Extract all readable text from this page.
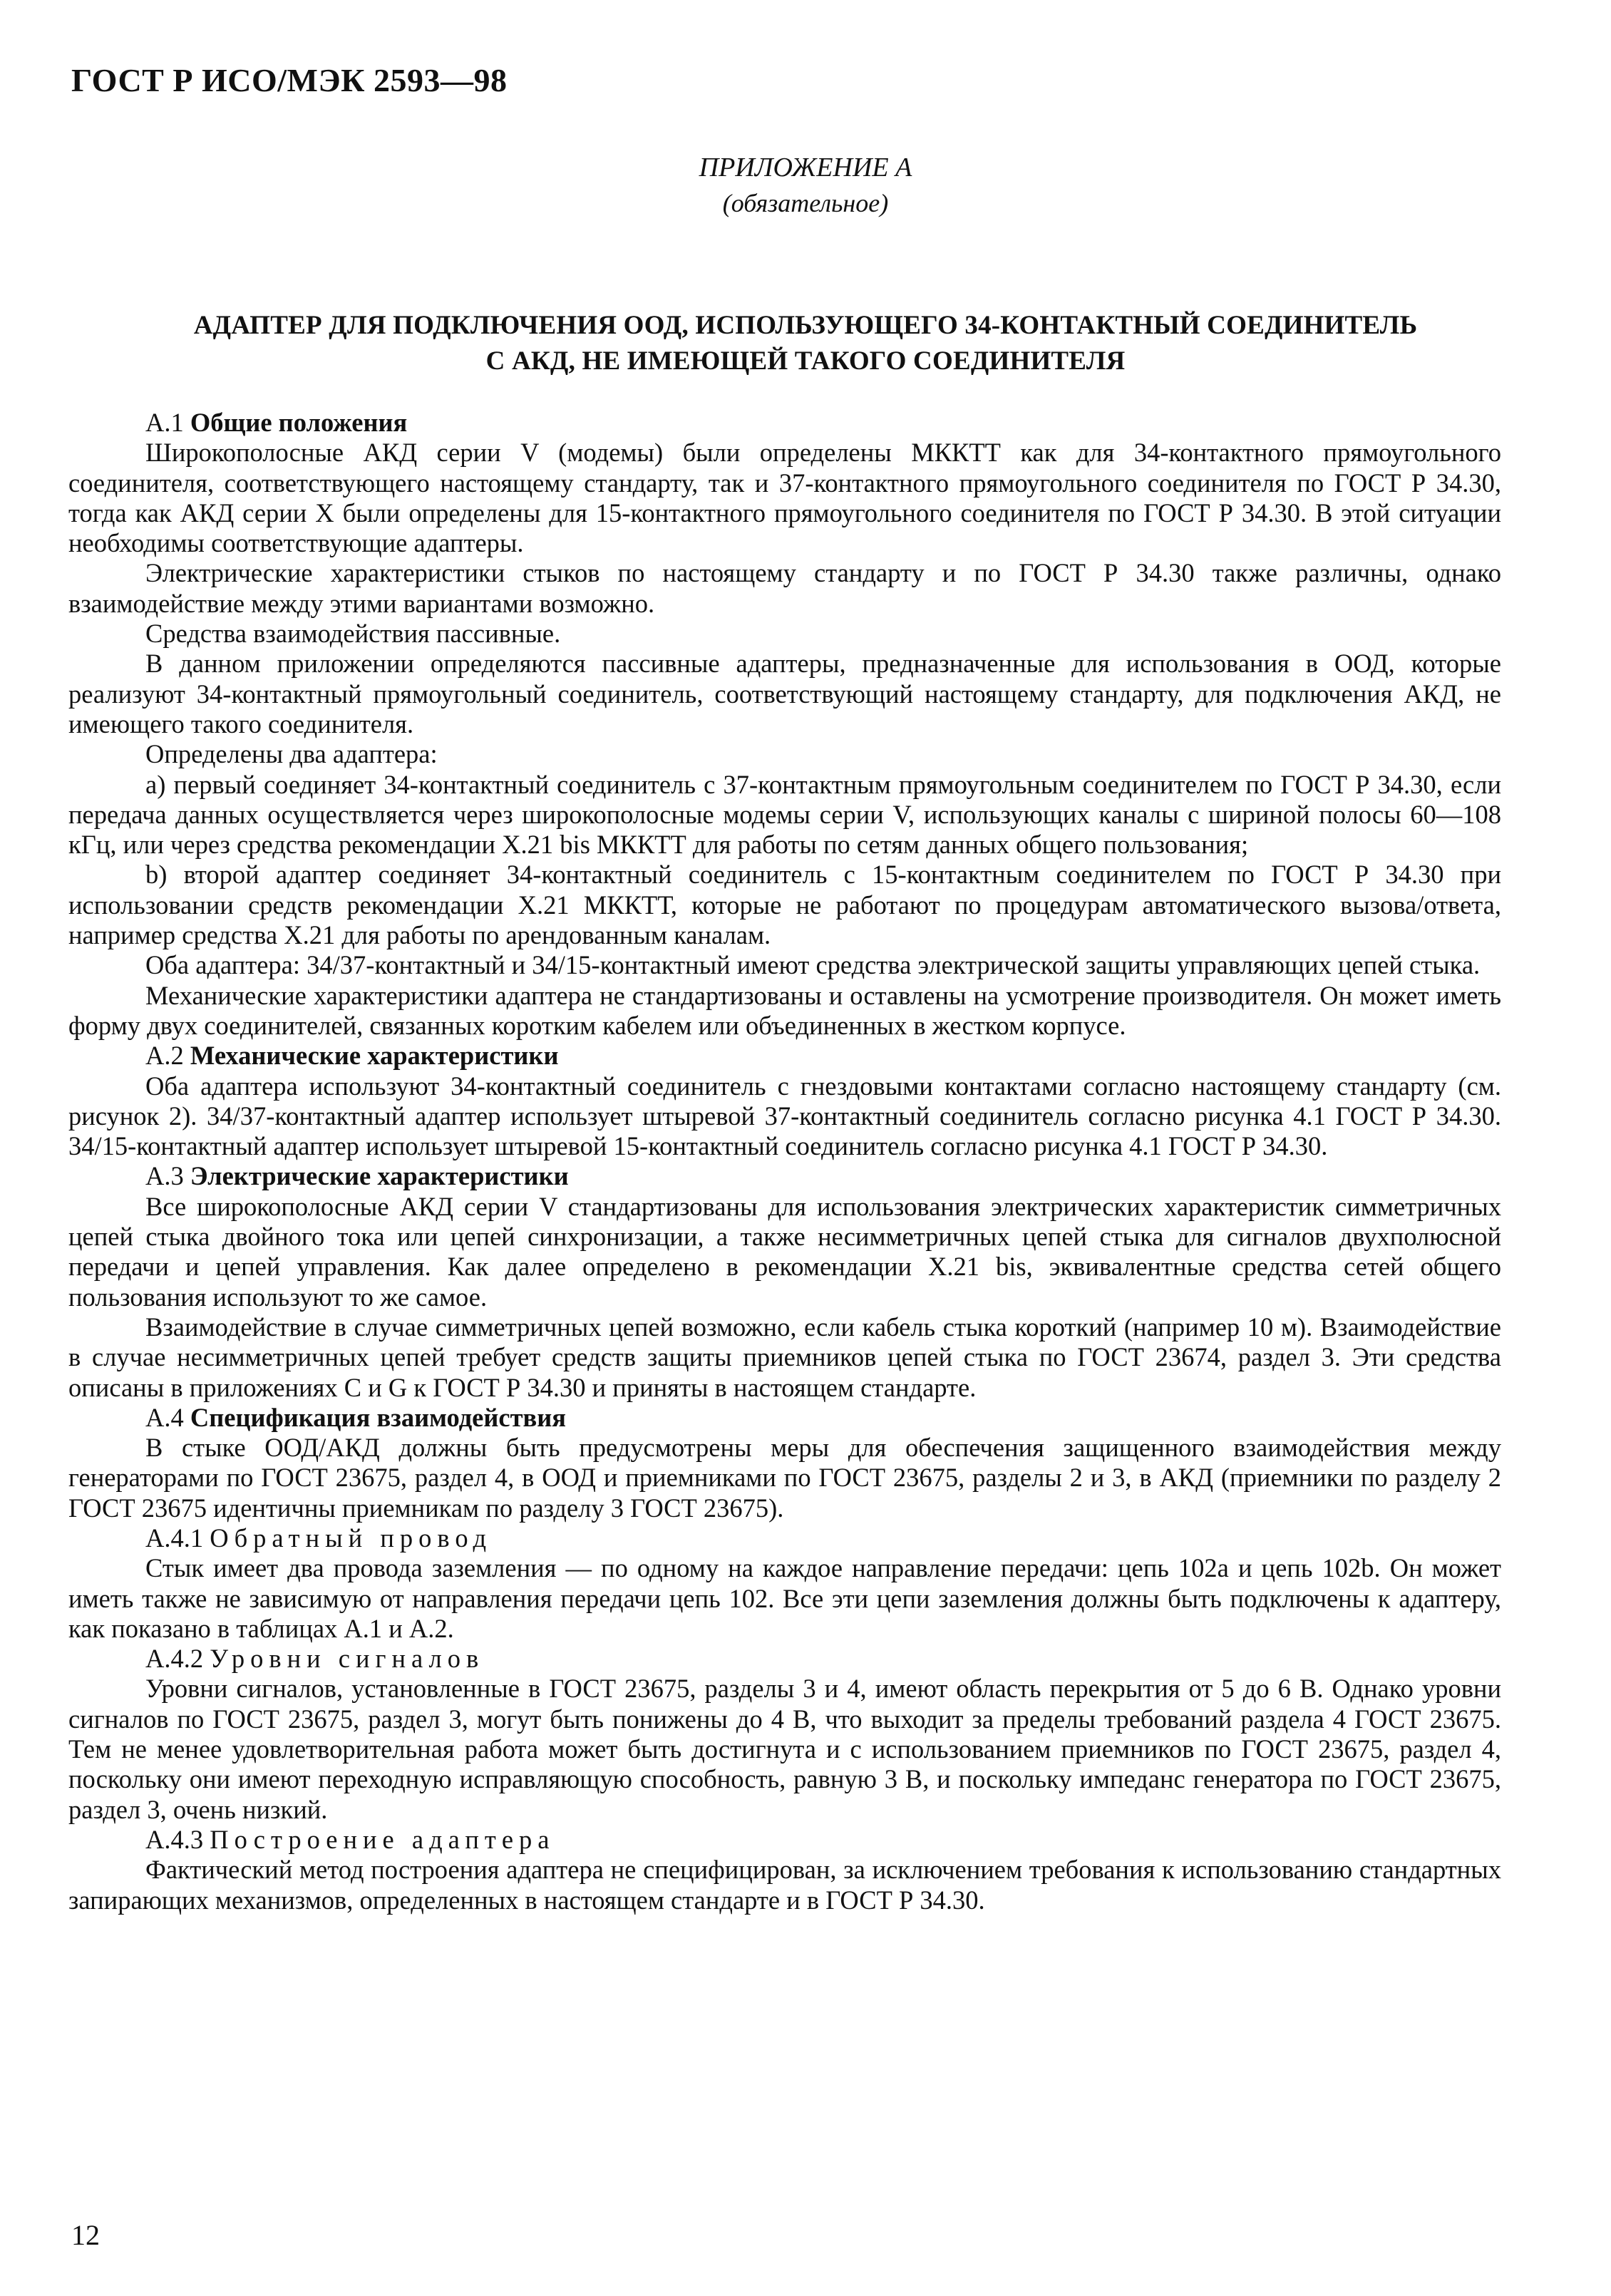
ГОСТ Р ИСО/МЭК 2593—98
ПРИЛОЖЕНИЕ А
(обязательное)
АДАПТЕР ДЛЯ ПОДКЛЮЧЕНИЯ ООД, ИСПОЛЬЗУЮЩЕГО 34-КОНТАКТНЫЙ СОЕДИНИТЕЛЬ
С АКД, НЕ ИМЕЮЩЕЙ ТАКОГО СОЕДИНИТЕЛЯ

А.1 Общие положения

Широкополосные АКД серии V (модемы) были определены МККТТ как для 34-контактного прямоугольного соединителя, соответствующего настоящему стандарту, так и 37-контактного прямоугольного соединителя по ГОСТ Р 34.30, тогда как АКД серии X были определены для 15-контактного прямоугольного соединителя по ГОСТ Р 34.30. В этой ситуации необходимы соответствующие адаптеры.

Электрические характеристики стыков по настоящему стандарту и по ГОСТ Р 34.30 также различны, однако взаимодействие между этими вариантами возможно.

Средства взаимодействия пассивные.

В данном приложении определяются пассивные адаптеры, предназначенные для использования в ООД, которые реализуют 34-контактный прямоугольный соединитель, соответствующий настоящему стандарту, для подключения АКД, не имеющего такого соединителя.

Определены два адаптера:

а) первый соединяет 34-контактный соединитель с 37-контактным прямоугольным соединителем по ГОСТ Р 34.30, если передача данных осуществляется через широкополосные модемы серии V, использующих каналы с шириной полосы 60—108 кГц, или через средства рекомендации X.21 bis МККТТ для работы по сетям данных общего пользования;

b) второй адаптер соединяет 34-контактный соединитель с 15-контактным соединителем по ГОСТ Р 34.30 при использовании средств рекомендации X.21 МККТТ, которые не работают по процедурам автоматического вызова/ответа, например средства X.21 для работы по арендованным каналам.

Оба адаптера: 34/37-контактный и 34/15-контактный имеют средства электрической защиты управляющих цепей стыка.

Механические характеристики адаптера не стандартизованы и оставлены на усмотрение производителя. Он может иметь форму двух соединителей, связанных коротким кабелем или объединенных в жестком корпусе.

А.2 Механические характеристики

Оба адаптера используют 34-контактный соединитель с гнездовыми контактами согласно настоящему стандарту (см. рисунок 2). 34/37-контактный адаптер использует штыревой 37-контактный соединитель согласно рисунка 4.1 ГОСТ Р 34.30. 34/15-контактный адаптер использует штыревой 15-контактный соединитель согласно рисунка 4.1 ГОСТ Р 34.30.

А.3 Электрические характеристики

Все широкополосные АКД серии V стандартизованы для использования электрических характеристик симметричных цепей стыка двойного тока или цепей синхронизации, а также несимметричных цепей стыка для сигналов двухполюсной передачи и цепей управления. Как далее определено в рекомендации X.21 bis, эквивалентные средства сетей общего пользования используют то же самое.

Взаимодействие в случае симметричных цепей возможно, если кабель стыка короткий (например 10 м). Взаимодействие в случае несимметричных цепей требует средств защиты приемников цепей стыка по ГОСТ 23674, раздел 3. Эти средства описаны в приложениях С и G к ГОСТ Р 34.30 и приняты в настоящем стандарте.

А.4 Спецификация взаимодействия

В стыке ООД/АКД должны быть предусмотрены меры для обеспечения защищенного взаимодействия между генераторами по ГОСТ 23675, раздел 4, в ООД и приемниками по ГОСТ 23675, разделы 2 и 3, в АКД (приемники по разделу 2 ГОСТ 23675 идентичны приемникам по разделу 3 ГОСТ 23675).

А.4.1 Обратный провод

Стык имеет два провода заземления — по одному на каждое направление передачи: цепь 102а и цепь 102b. Он может иметь также не зависимую от направления передачи цепь 102. Все эти цепи заземления должны быть подключены к адаптеру, как показано в таблицах А.1 и А.2.

А.4.2 Уровни сигналов

Уровни сигналов, установленные в ГОСТ 23675, разделы 3 и 4, имеют область перекрытия от 5 до 6 В. Однако уровни сигналов по ГОСТ 23675, раздел 3, могут быть понижены до 4 В, что выходит за пределы требований раздела 4 ГОСТ 23675. Тем не менее удовлетворительная работа может быть достигнута и с использованием приемников по ГОСТ 23675, раздел 4, поскольку они имеют переходную исправляющую способность, равную 3 В, и поскольку импеданс генератора по ГОСТ 23675, раздел 3, очень низкий.

А.4.3 Построение адаптера

Фактический метод построения адаптера не специфицирован, за исключением требования к использованию стандартных запирающих механизмов, определенных в настоящем стандарте и в ГОСТ Р 34.30.

12
